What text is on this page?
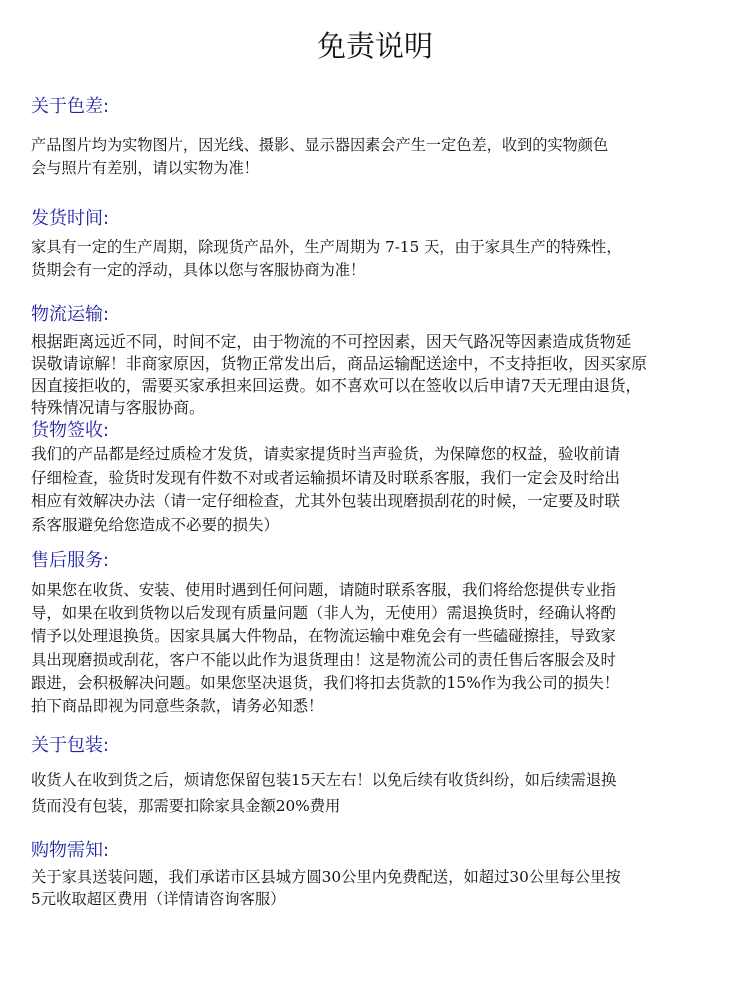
免责说明
关于色差:
产品图片均为实物图片，因光线、摄影、显示器因素会产生一定色差，收到的实物颜色
会与照片有差别，请以实物为准！
发货时间:
家具有一定的生产周期，除现货产品外，生产周期为 7-15 天，由于家具生产的特殊性，
货期会有一定的浮动，具体以您与客服协商为准！
物流运输:
根据距离远近不同，时间不定，由于物流的不可控因素，因天气路况等因素造成货物延
误敬请谅解！非商家原因，货物正常发出后，商品运输配送途中，不支持拒收，因买家原
因直接拒收的，需要买家承担来回运费。如不喜欢可以在签收以后申请7天无理由退货，
特殊情况请与客服协商。
货物签收:
我们的产品都是经过质检才发货，请卖家提货时当声验货，为保障您的权益，验收前请
仔细检查，验货时发现有件数不对或者运输损坏请及时联系客服，我们一定会及时给出
相应有效解决办法（请一定仔细检查，尤其外包装出现磨损刮花的时候，一定要及时联
系客服避免给您造成不必要的损失）
售后服务:
如果您在收货、安装、使用时遇到任何问题，请随时联系客服，我们将给您提供专业指
导，如果在收到货物以后发现有质量问题（非人为，无使用）需退换货时，经确认将酌
情予以处理退换货。因家具属大件物品，在物流运输中难免会有一些磕碰擦挂，导致家
具出现磨损或刮花，客户不能以此作为退货理由！这是物流公司的责任售后客服会及时
跟进，会积极解决问题。如果您坚决退货，我们将扣去货款的15%作为我公司的损失！
拍下商品即视为同意些条款，请务必知悉！
关于包装:
收货人在收到货之后，烦请您保留包装15天左右！以免后续有收货纠纷，如后续需退换
货而没有包装，那需要扣除家具金额20%费用
购物需知:
关于家具送装问题，我们承诺市区县城方圆30公里内免费配送，如超过30公里每公里按
5元收取超区费用（详情请咨询客服）
